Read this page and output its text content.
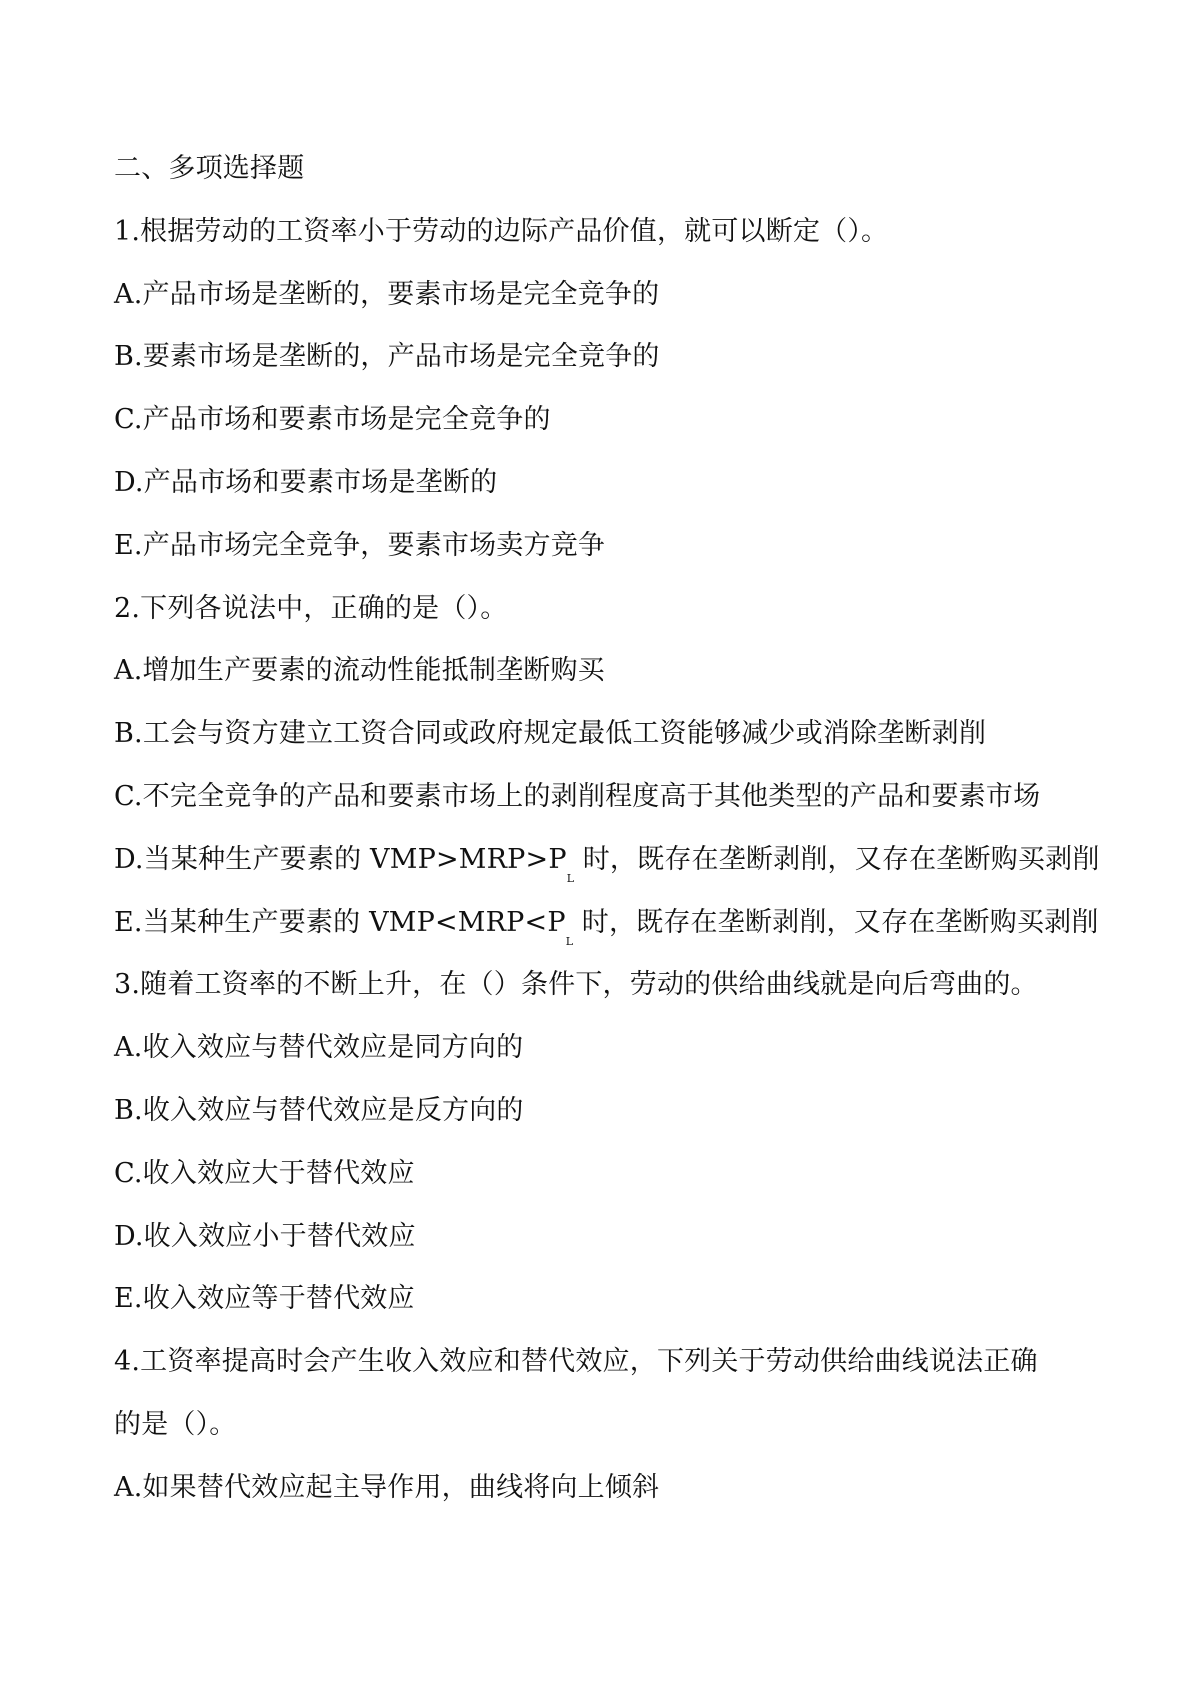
二、多项选择题
1.根据劳动的工资率小于劳动的边际产品价值，就可以断定（）。
A.产品市场是垄断的，要素市场是完全竞争的
B.要素市场是垄断的，产品市场是完全竞争的
C.产品市场和要素市场是完全竞争的
D.产品市场和要素市场是垄断的
E.产品市场完全竞争，要素市场卖方竞争
2.下列各说法中，正确的是（）。
A.增加生产要素的流动性能抵制垄断购买
B.工会与资方建立工资合同或政府规定最低工资能够减少或消除垄断剥削
C.不完全竞争的产品和要素市场上的剥削程度高于其他类型的产品和要素市场
D.当某种生产要素的 VMP>MRP>P
L
时，既存在垄断剥削，又存在垄断购买剥削
E.当某种生产要素的 VMP<MRP<P
L
时，既存在垄断剥削，又存在垄断购买剥削
3.随着工资率的不断上升，在（）条件下，劳动的供给曲线就是向后弯曲的。
A.收入效应与替代效应是同方向的
B.收入效应与替代效应是反方向的
C.收入效应大于替代效应
D.收入效应小于替代效应
E.收入效应等于替代效应
4.工资率提高时会产生收入效应和替代效应，下列关于劳动供给曲线说法正确
的是（）。
A.如果替代效应起主导作用，曲线将向上倾斜
